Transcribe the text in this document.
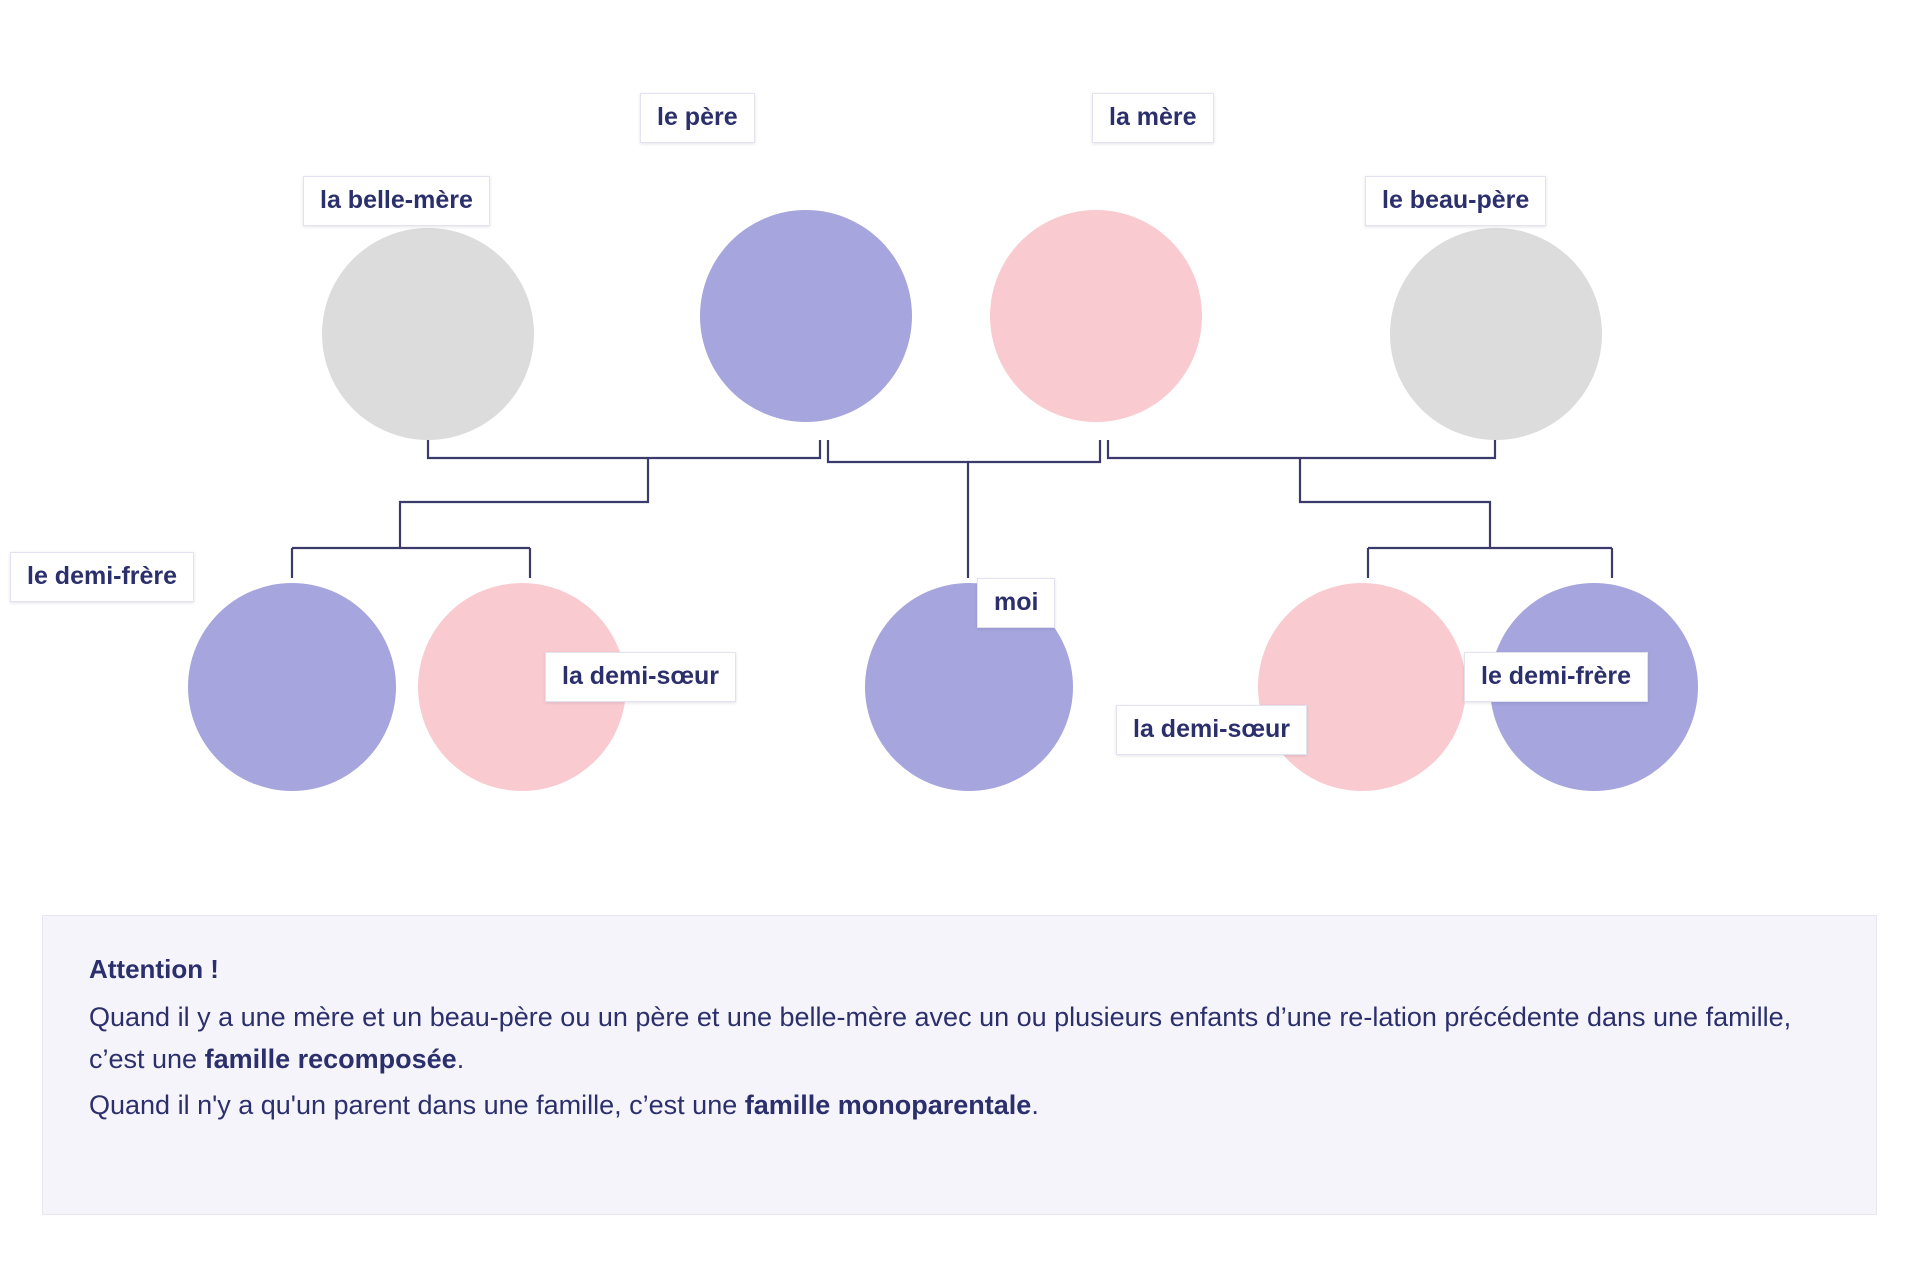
le père	la mère
la belle-mère	le beau-père
le demi-frère
la demi-sœur
moi
la demi-sœur
le demi-frère
Attention !

Quand il y a une mère et un beau-père ou un père et une belle-mère avec un ou plusieurs enfants d’une re-lation précédente dans une famille, c’est une famille recomposée.

Quand il n'y a qu'un parent dans une famille, c’est une famille monoparentale.
